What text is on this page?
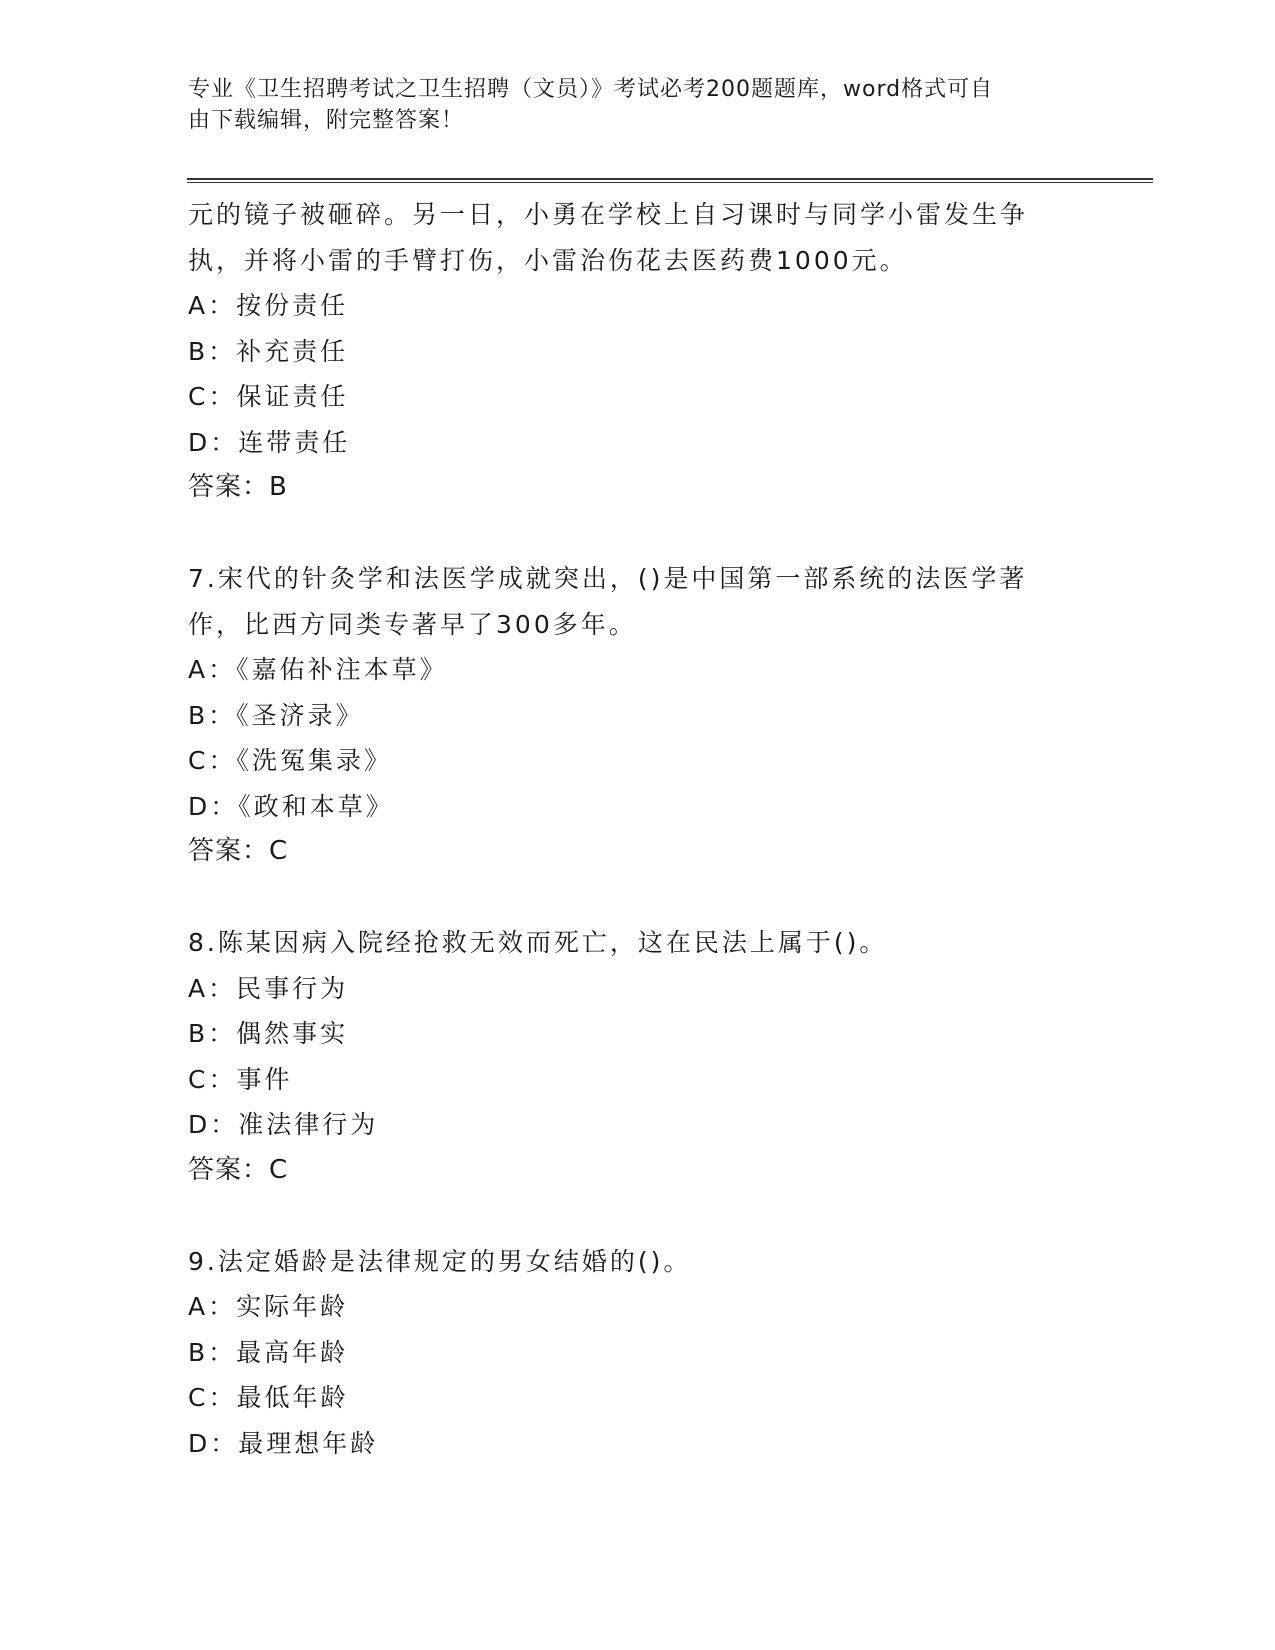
专业《卫生招聘考试之卫生招聘（文员）》考试必考200题题库，word格式可自
由下载编辑，附完整答案！
元的镜子被砸碎。另一日，小勇在学校上自习课时与同学小雷发生争
执，并将小雷的手臂打伤，小雷治伤花去医药费1000元。
A：按份责任
B：补充责任
C：保证责任
D：连带责任
答案：B
7.宋代的针灸学和法医学成就突出，()是中国第一部系统的法医学著
作，比西方同类专著早了300多年。
A：《嘉佑补注本草》
B：《圣济录》
C：《洗冤集录》
D：《政和本草》
答案：C
8.陈某因病入院经抢救无效而死亡，这在民法上属于()。
A：民事行为
B：偶然事实
C：事件
D：准法律行为
答案：C
9.法定婚龄是法律规定的男女结婚的()。
A：实际年龄
B：最高年龄
C：最低年龄
D：最理想年龄
